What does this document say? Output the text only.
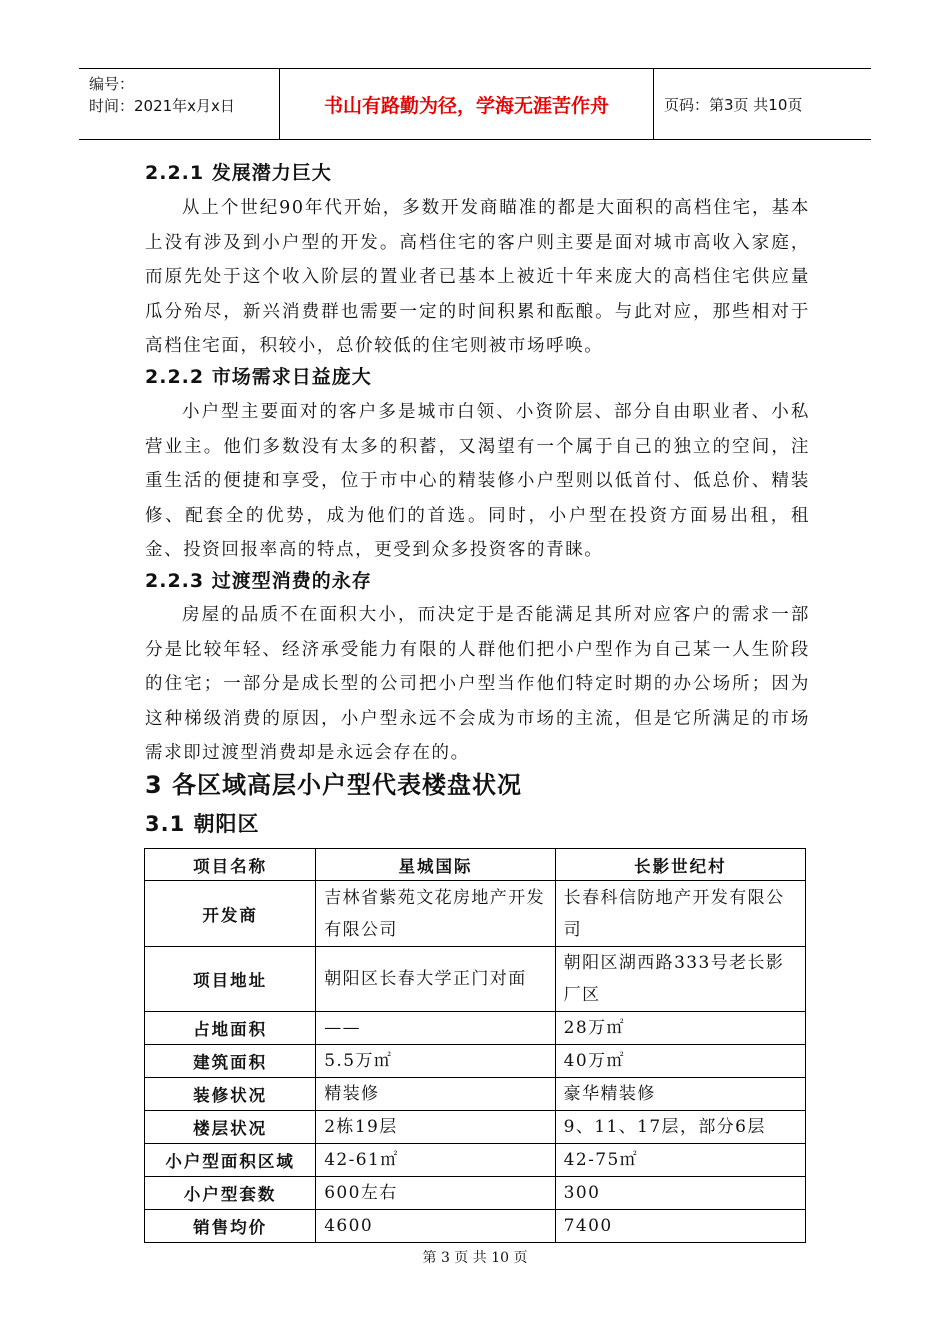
编号：
时间：2021年x月x日	书山有路勤为径，学海无涯苦作舟	页码：第3页 共10页
2.2.1 发展潜力巨大

从上个世纪90年代开始，多数开发商瞄准的都是大面积的高档住宅，基本上没有涉及到小户型的开发。高档住宅的客户则主要是面对城市高收入家庭，而原先处于这个收入阶层的置业者已基本上被近十年来庞大的高档住宅供应量瓜分殆尽，新兴消费群也需要一定的时间积累和酝酿。与此对应，那些相对于高档住宅面，积较小，总价较低的住宅则被市场呼唤。

2.2.2 市场需求日益庞大

小户型主要面对的客户多是城市白领、小资阶层、部分自由职业者、小私营业主。他们多数没有太多的积蓄，又渴望有一个属于自己的独立的空间，注重生活的便捷和享受，位于市中心的精装修小户型则以低首付、低总价、精装修、配套全的优势，成为他们的首选。同时，小户型在投资方面易出租，租金、投资回报率高的特点，更受到众多投资客的青睐。

2.2.3 过渡型消费的永存

房屋的品质不在面积大小，而决定于是否能满足其所对应客户的需求一部分是比较年轻、经济承受能力有限的人群他们把小户型作为自己某一人生阶段的住宅；一部分是成长型的公司把小户型当作他们特定时期的办公场所；因为这种梯级消费的原因，小户型永远不会成为市场的主流，但是它所满足的市场需求即过渡型消费却是永远会存在的。

3 各区域高层小户型代表楼盘状况
3.1 朝阳区
项目名称	星城国际	长影世纪村
开发商	吉林省紫苑文花房地产开发有限公司	长春科信防地产开发有限公司
项目地址	朝阳区长春大学正门对面	朝阳区湖西路333号老长影厂区
占地面积	——	28万㎡
建筑面积	5.5万㎡	40万㎡
装修状况	精装修	豪华精装修
楼层状况	2栋19层	9、11、17层，部分6层
小户型面积区域	42-61㎡	42-75㎡
小户型套数	600左右	300
销售均价	4600	7400
第 3 页 共 10 页
